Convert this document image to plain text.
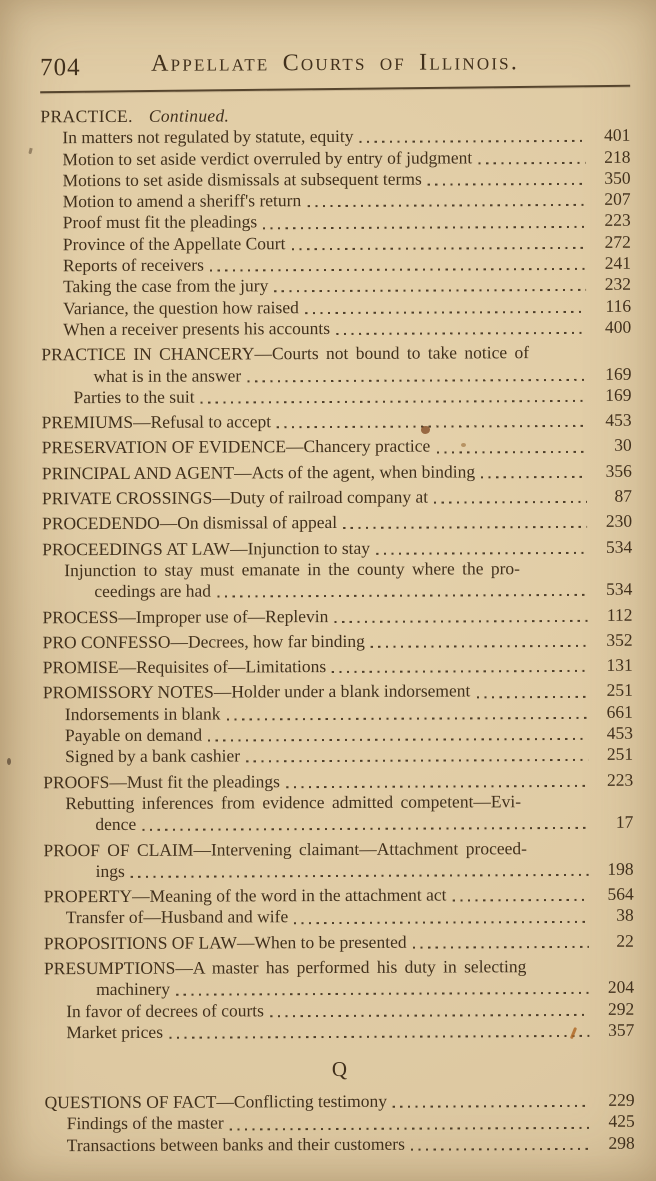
704	Appellate Courts of Illinois.
PRACTICE. Continued.
In matters not regulated by statute, equity	401
Motion to set aside verdict overruled by entry of judgment	218
Motions to set aside dismissals at subsequent terms	350
Motion to amend a sheriff's return	207
Proof must fit the pleadings	223
Province of the Appellate Court	272
Reports of receivers	241
Taking the case from the jury	232
Variance, the question how raised	116
When a receiver presents his accounts	400
PRACTICE IN CHANCERY—Courts not bound to take notice of
what is in the answer	169
Parties to the suit	169
PREMIUMS—Refusal to accept	453
PRESERVATION OF EVIDENCE—Chancery practice	30
PRINCIPAL AND AGENT—Acts of the agent, when binding	356
PRIVATE CROSSINGS—Duty of railroad company at	87
PROCEDENDO—On dismissal of appeal	230
PROCEEDINGS AT LAW—Injunction to stay	534
Injunction to stay must emanate in the county where the pro-
ceedings are had	534
PROCESS—Improper use of—Replevin	112
PRO CONFESSO—Decrees, how far binding	352
PROMISE—Requisites of—Limitations	131
PROMISSORY NOTES—Holder under a blank indorsement	251
Indorsements in blank	661
Payable on demand	453
Signed by a bank cashier	251
PROOFS—Must fit the pleadings	223
Rebutting inferences from evidence admitted competent—Evi-
dence	17
PROOF OF CLAIM—Intervening claimant—Attachment proceed-
ings	198
PROPERTY—Meaning of the word in the attachment act	564
Transfer of—Husband and wife	38
PROPOSITIONS OF LAW—When to be presented	22
PRESUMPTIONS—A master has performed his duty in selecting
machinery	204
In favor of decrees of courts	292
Market prices	357
Q
QUESTIONS OF FACT—Conflicting testimony	229
Findings of the master	425
Transactions between banks and their customers	298
